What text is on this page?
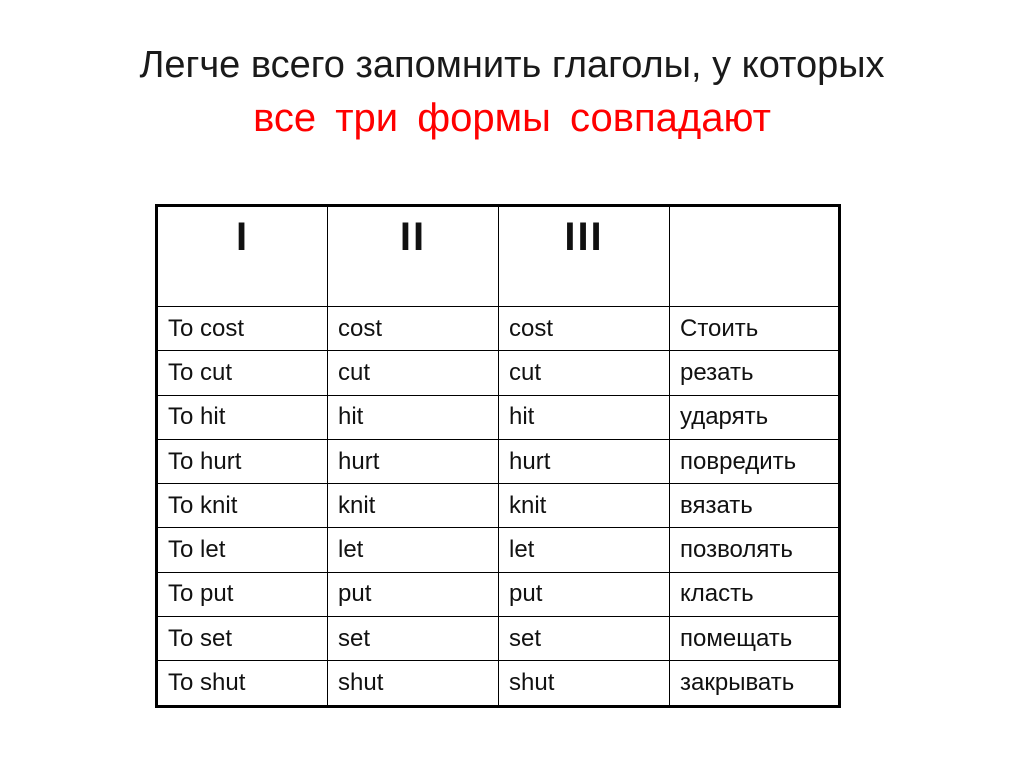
Легче всего запомнить глаголы, у которых
все три формы совпадают
I	II	III	
To cost	cost	cost	Стоить
To cut	cut	cut	резать
To hit	hit	hit	ударять
To hurt	hurt	hurt	повредить
To knit	knit	knit	вязать
To let	let	let	позволять
To put	put	put	класть
To set	set	set	помещать
To shut	shut	shut	закрывать
